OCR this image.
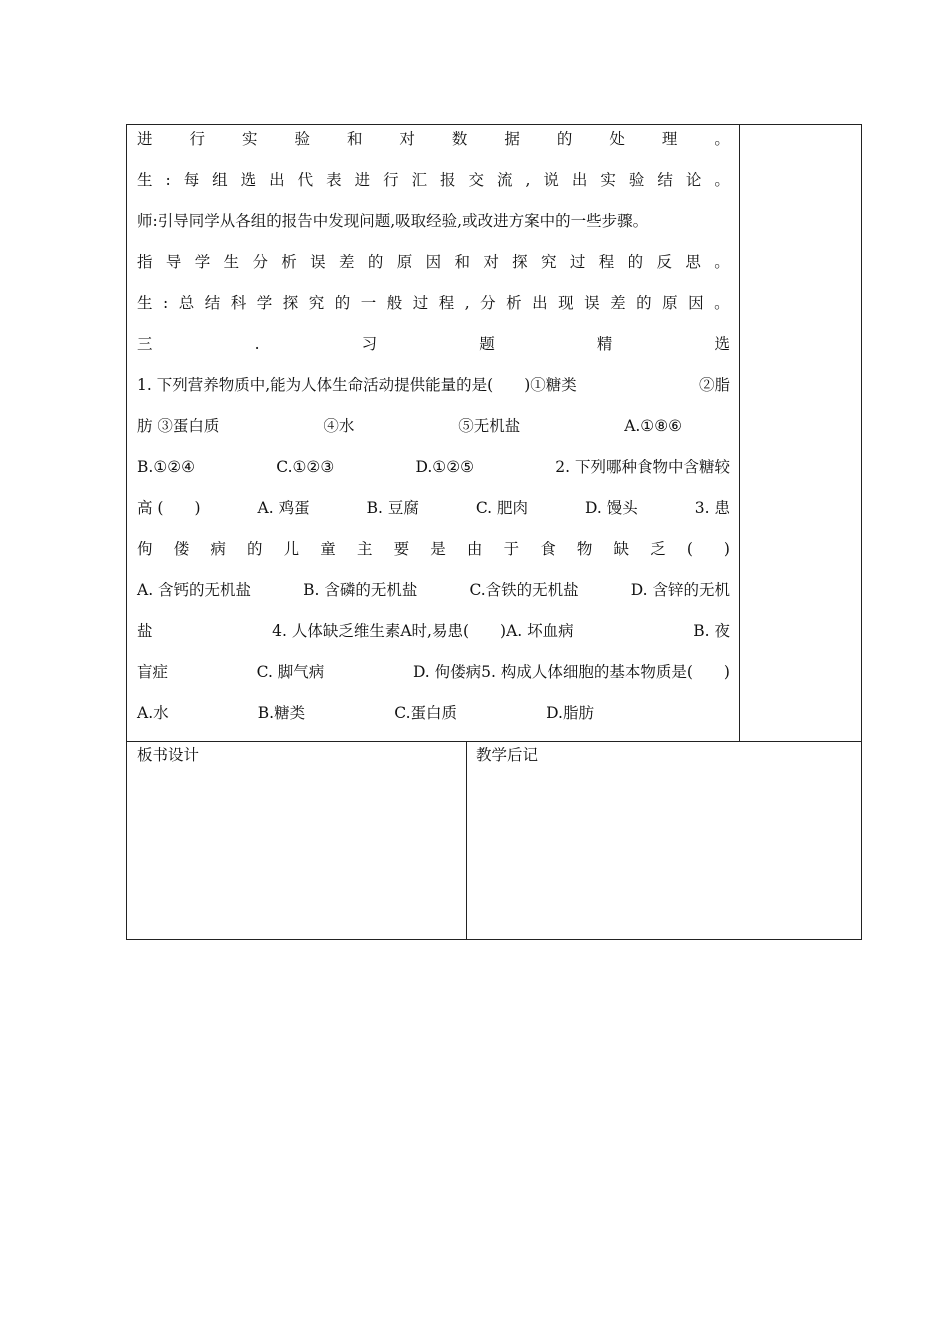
进 行 实 验 和 对 数 据 的 处 理 。
生 : 每 组 选 出 代 表 进 行 汇 报 交 流 , 说 出 实 验 结 论 。
师:引导同学从各组的报告中发现问题,吸取经验,或改进方案中的一些步骤。
指 导 学 生 分 析 误 差 的 原 因 和 对 探 究 过 程 的 反 思 。
生 : 总 结 科 学 探 究 的 一 般 过 程 , 分 析 出 现 误 差 的 原 因 。
三	.	习	题	精	选
1. 下列营养物质中,能为人体生命活动提供能量的是(　　)①糖类	②脂
肪 ③蛋白质	④水	⑤无机盐	A.①⑧⑥
B.①②④	C.①②③	D.①②⑤	2. 下列哪种食物中含糖较
高 (　　)	A. 鸡蛋	B. 豆腐	C. 肥肉	D. 馒头	3. 患
佝 偻 病 的 儿 童 主 要 是 由 于 食 物 缺 乏 (　　)
A. 含钙的无机盐	B. 含磷的无机盐	C.含铁的无机盐	D. 含锌的无机
盐	4. 人体缺乏维生素A时,易患(　　)A. 坏血病	B. 夜
盲症	C. 脚气病	D. 佝偻病5. 构成人体细胞的基本物质是(　　)
A.水	B.糖类	C.蛋白质	D.脂肪
板书设计	教学后记
